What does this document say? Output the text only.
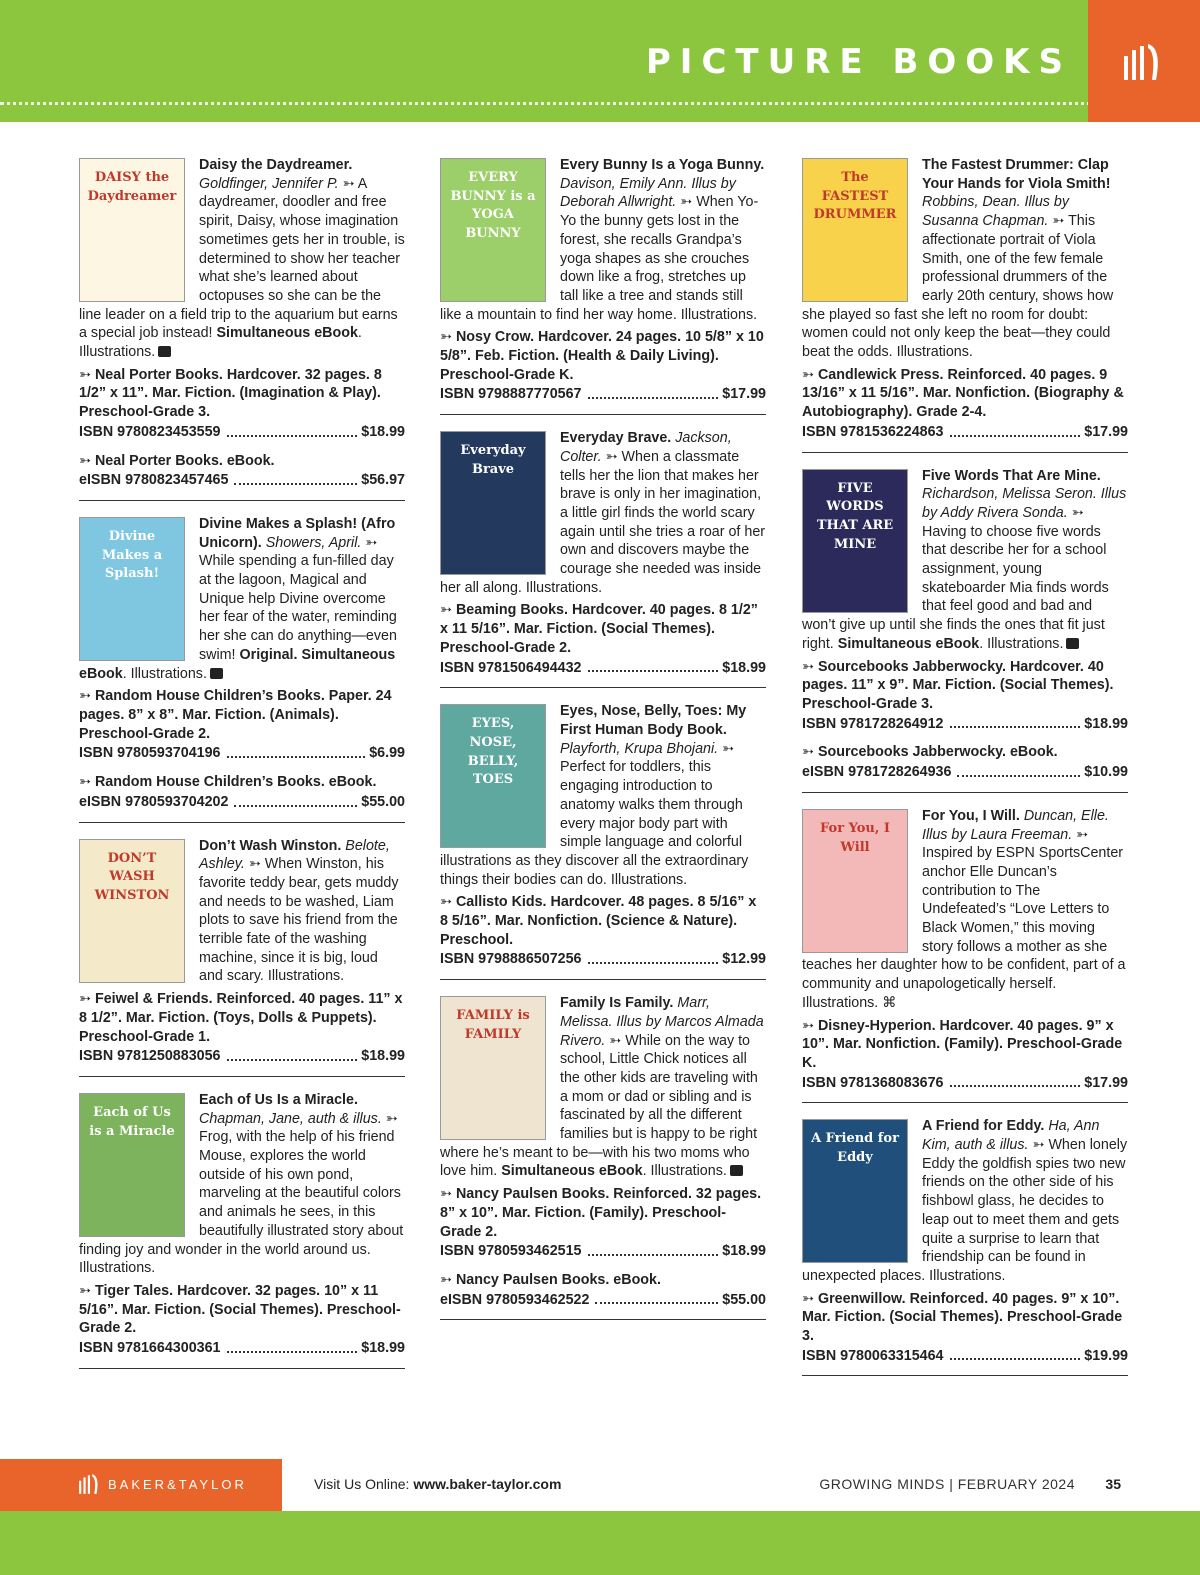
PICTURE BOOKS
DAISY the Daydreamer
Daisy the Daydreamer. Goldfinger, Jennifer P. ➳ A daydreamer, doodler and free spirit, Daisy, whose imagination sometimes gets her in trouble, is determined to show her teacher what she’s learned about octopuses so she can be the line leader on a field trip to the aquarium but earns a special job instead! Simultaneous eBook. Illustrations.
➳ Neal Porter Books. Hardcover. 32 pages. 8 1/2” x 11”. Mar. Fiction. (Imagination & Play). Preschool-Grade 3.
ISBN 9780823453559	$18.99
➳ Neal Porter Books. eBook.
eISBN 9780823457465	$56.97
Divine Makes a Splash!
Divine Makes a Splash! (Afro Unicorn). Showers, April. ➳ While spending a fun-filled day at the lagoon, Magical and Unique help Divine overcome her fear of the water, reminding her she can do anything—even swim! Original. Simultaneous eBook. Illustrations.
➳ Random House Children’s Books. Paper. 24 pages. 8” x 8”. Mar. Fiction. (Animals). Preschool-Grade 2.
ISBN 9780593704196	$6.99
➳ Random House Children’s Books. eBook.
eISBN 9780593704202	$55.00
DON’T WASH WINSTON
Don’t Wash Winston. Belote, Ashley. ➳ When Winston, his favorite teddy bear, gets muddy and needs to be washed, Liam plots to save his friend from the terrible fate of the washing machine, since it is big, loud and scary. Illustrations.
➳ Feiwel & Friends. Reinforced. 40 pages. 11” x 8 1/2”. Mar. Fiction. (Toys, Dolls & Puppets). Preschool-Grade 1.
ISBN 9781250883056	$18.99
Each of Us is a Miracle
Each of Us Is a Miracle. Chapman, Jane, auth & illus. ➳ Frog, with the help of his friend Mouse, explores the world outside of his own pond, marveling at the beautiful colors and animals he sees, in this beautifully illustrated story about finding joy and wonder in the world around us. Illustrations.
➳ Tiger Tales. Hardcover. 32 pages. 10” x 11 5/16”. Mar. Fiction. (Social Themes). Preschool-Grade 2.
ISBN 9781664300361	$18.99
EVERY BUNNY is a YOGA BUNNY
Every Bunny Is a Yoga Bunny. Davison, Emily Ann. Illus by Deborah Allwright. ➳ When Yo-Yo the bunny gets lost in the forest, she recalls Grandpa’s yoga shapes as she crouches down like a frog, stretches up tall like a tree and stands still like a mountain to find her way home. Illustrations.
➳ Nosy Crow. Hardcover. 24 pages. 10 5/8” x 10 5/8”. Feb. Fiction. (Health & Daily Living). Preschool-Grade K.
ISBN 9798887770567	$17.99
Everyday Brave
Everyday Brave. Jackson, Colter. ➳ When a classmate tells her the lion that makes her brave is only in her imagination, a little girl finds the world scary again until she tries a roar of her own and discovers maybe the courage she needed was inside her all along. Illustrations.
➳ Beaming Books. Hardcover. 40 pages. 8 1/2” x 11 5/16”. Mar. Fiction. (Social Themes). Preschool-Grade 2.
ISBN 9781506494432	$18.99
EYES, NOSE, BELLY, TOES
Eyes, Nose, Belly, Toes: My First Human Body Book. Playforth, Krupa Bhojani. ➳ Perfect for toddlers, this engaging introduction to anatomy walks them through every major body part with simple language and colorful illustrations as they discover all the extraordinary things their bodies can do. Illustrations.
➳ Callisto Kids. Hardcover. 48 pages. 8 5/16” x 8 5/16”. Mar. Nonfiction. (Science & Nature). Preschool.
ISBN 9798886507256	$12.99
FAMILY is FAMILY
Family Is Family. Marr, Melissa. Illus by Marcos Almada Rivero. ➳ While on the way to school, Little Chick notices all the other kids are traveling with a mom or dad or sibling and is fascinated by all the different families but is happy to be right where he’s meant to be—with his two moms who love him. Simultaneous eBook. Illustrations.
➳ Nancy Paulsen Books. Reinforced. 32 pages. 8” x 10”. Mar. Fiction. (Family). Preschool-Grade 2.
ISBN 9780593462515	$18.99
➳ Nancy Paulsen Books. eBook.
eISBN 9780593462522	$55.00
The FASTEST DRUMMER
The Fastest Drummer: Clap Your Hands for Viola Smith! Robbins, Dean. Illus by Susanna Chapman. ➳ This affectionate portrait of Viola Smith, one of the few female professional drummers of the early 20th century, shows how she played so fast she left no room for doubt: women could not only keep the beat—they could beat the odds. Illustrations.
➳ Candlewick Press. Reinforced. 40 pages. 9 13/16” x 11 5/16”. Mar. Nonfiction. (Biography & Autobiography). Grade 2-4.
ISBN 9781536224863	$17.99
FIVE WORDS THAT ARE MINE
Five Words That Are Mine. Richardson, Melissa Seron. Illus by Addy Rivera Sonda. ➳ Having to choose five words that describe her for a school assignment, young skateboarder Mia finds words that feel good and bad and won’t give up until she finds the ones that fit just right. Simultaneous eBook. Illustrations.
➳ Sourcebooks Jabberwocky. Hardcover. 40 pages. 11” x 9”. Mar. Fiction. (Social Themes). Preschool-Grade 3.
ISBN 9781728264912	$18.99
➳ Sourcebooks Jabberwocky. eBook.
eISBN 9781728264936	$10.99
For You, I Will
For You, I Will. Duncan, Elle. Illus by Laura Freeman. ➳ Inspired by ESPN SportsCenter anchor Elle Duncan’s contribution to The Undefeated’s “Love Letters to Black Women,” this moving story follows a mother as she teaches her daughter how to be confident, part of a community and unapologetically herself. Illustrations. ⌘
➳ Disney-Hyperion. Hardcover. 40 pages. 9” x 10”. Mar. Nonfiction. (Family). Preschool-Grade K.
ISBN 9781368083676	$17.99
A Friend for Eddy
A Friend for Eddy. Ha, Ann Kim, auth & illus. ➳ When lonely Eddy the goldfish spies two new friends on the other side of his fishbowl glass, he decides to leap out to meet them and gets quite a surprise to learn that friendship can be found in unexpected places. Illustrations.
➳ Greenwillow. Reinforced. 40 pages. 9” x 10”. Mar. Fiction. (Social Themes). Preschool-Grade 3.
ISBN 9780063315464	$19.99
BAKER&TAYLOR	Visit Us Online: www.baker-taylor.com	GROWING MINDS | FEBRUARY 2024 35
